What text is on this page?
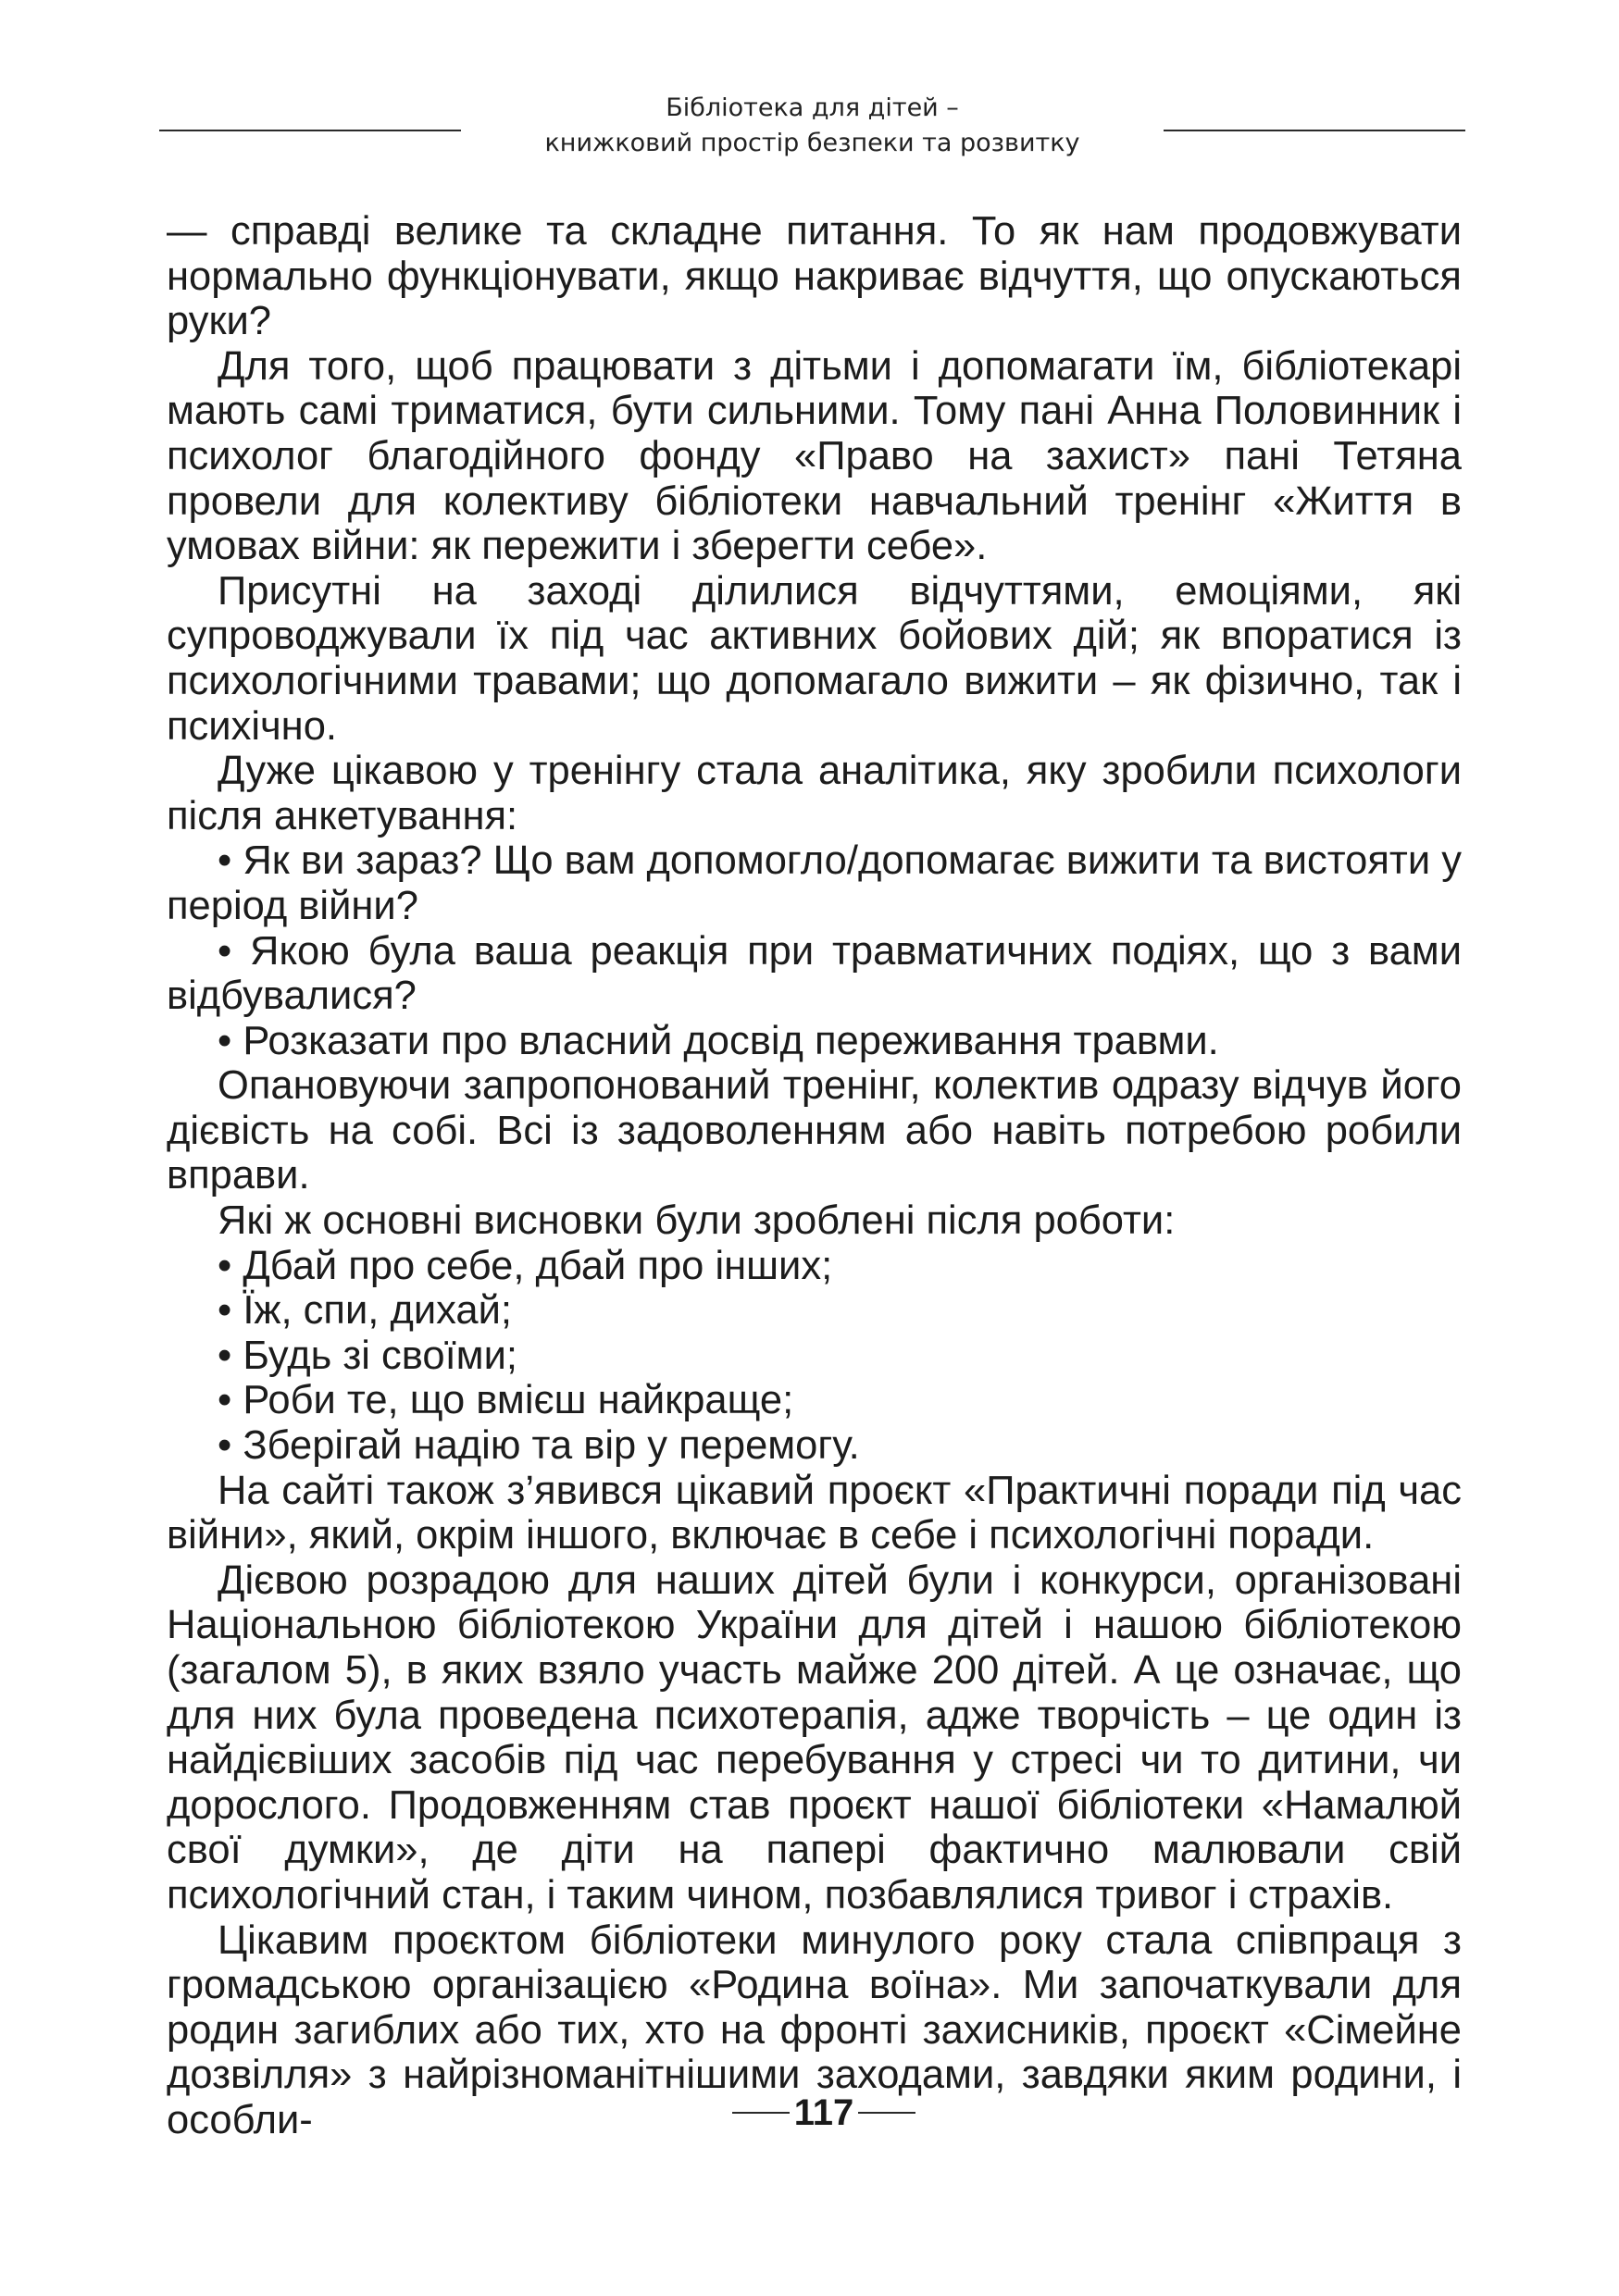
Бібліотека для дітей –
книжковий простір безпеки та розвитку

— справді велике та складне питання. То як нам продовжувати нормально функціонувати, якщо накриває відчуття, що опускаються руки?

Для того, щоб працювати з дітьми і допомагати їм, бібліотекарі мають самі триматися, бути сильними. Тому пані Анна Половинник і психолог благодійного фонду «Право на захист» пані Тетяна провели для колективу бібліотеки навчальний тренінг «Життя в умовах війни: як пережити і зберегти себе».

Присутні на заході ділилися відчуттями, емоціями, які супроводжували їх під час активних бойових дій; як впоратися із психологічними травами; що допомагало вижити – як фізично, так і психічно.

Дуже цікавою у тренінгу стала аналітика, яку зробили психологи після анкетування:

• Як ви зараз? Що вам допомогло/допомагає вижити та вистояти у період війни?

• Якою була ваша реакція при травматичних подіях, що з вами відбувалися?

• Розказати про власний досвід переживання травми.

Опановуючи запропонований тренінг, колектив одразу відчув його дієвість на собі. Всі із задоволенням або навіть потребою робили вправи.

Які ж основні висновки були зроблені після роботи:

• Дбай про себе, дбай про інших;

• Їж, спи, дихай;

• Будь зі своїми;

• Роби те, що вмієш найкраще;

• Зберігай надію та вір у перемогу.

На сайті також з’явився цікавий проєкт «Практичні поради під час війни», який, окрім іншого, включає в себе і психологічні поради.

Дієвою розрадою для наших дітей були і конкурси, організовані Національною бібліотекою України для дітей і нашою бібліотекою (загалом 5), в яких взяло участь майже 200 дітей. А це означає, що для них була проведена психотерапія, адже творчість – це один із найдієвіших засобів під час перебування у стресі чи то дитини, чи дорослого. Продовженням став проєкт нашої бібліотеки «Намалюй свої думки», де діти на папері фактично малювали свій психологічний стан, і таким чином, позбавлялися тривог і страхів.

Цікавим проєктом бібліотеки минулого року стала співпраця з громадською організацією «Родина воїна». Ми започаткували для родин загиблих або тих, хто на фронті захисників, проєкт «Сімейне дозвілля» з найрізноманітнішими заходами, завдяки яким родини, і особли-	117
